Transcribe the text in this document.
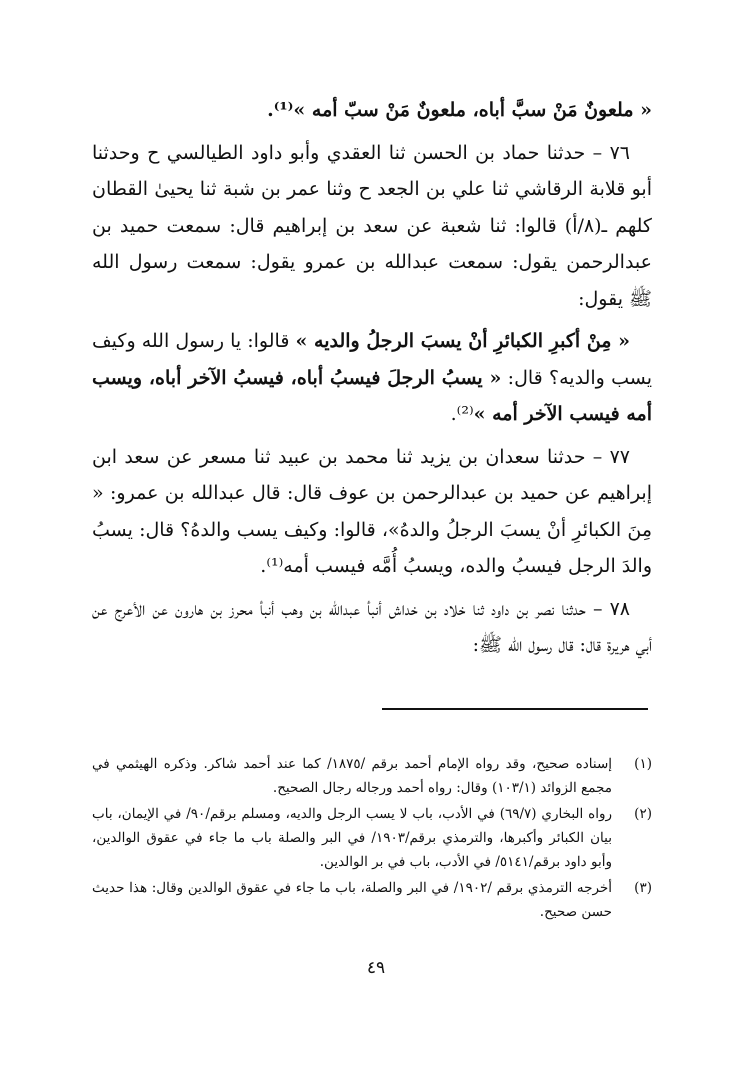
« ملعونٌ مَنْ سبَّ أباه، ملعونٌ مَنْ سبّ أمه »⁽¹⁾.

٧٦ – حدثنا حماد بن الحسن ثنا العقدي وأبو داود الطيالسي ح وحدثنا أبو قلابة الرقاشي ثنا علي بن الجعد ح وثنا عمر بن شبة ثنا يحيىٰ القطان كلهم ـ(٨/أ) قالوا: ثنا شعبة عن سعد بن إبراهيم قال: سمعت حميد بن عبدالرحمن يقول: سمعت عبدالله بن عمرو يقول: سمعت رسول الله ﷺ يقول:

« مِنْ أكبرِ الكبائرِ أنْ يسبَ الرجلُ والديه » قالوا: يا رسول الله وكيف يسب والديه؟ قال: « يسبُ الرجلَ فيسبُ أباه، فيسبُ الآخر أباه، ويسب أمه فيسب الآخر أمه »⁽²⁾.

٧٧ – حدثنا سعدان بن يزيد ثنا محمد بن عبيد ثنا مسعر عن سعد ابن إبراهيم عن حميد بن عبدالرحمن بن عوف قال: قال عبدالله بن عمرو: « مِنَ الكبائرِ أنْ يسبَ الرجلُ والدهُ»، قالوا: وكيف يسب والدهُ؟ قال: يسبُ والدَ الرجل فيسبُ والده، ويسبُ أُمَّه فيسب أمه⁽¹⁾.

٧٨ – حدثنا نصر بن داود ثنا خلاد بن خداش أنبأ عبدالله بن وهب أنبأ محرز بن هارون عن الأعرج عن أبي هريرة قال: قال رسول الله ﷺ:

(١)
إسناده صحيح، وقد رواه الإمام أحمد برقم /١٨٧٥/ كما عند أحمد شاكر. وذكره الهيثمي في مجمع الزوائد (١٠٣/١) وقال: رواه أحمد ورجاله رجال الصحيح.
(٢)
رواه البخاري (٦٩/٧) في الأدب، باب لا يسب الرجل والديه، ومسلم برقم/٩٠/ في الإيمان، باب بيان الكبائر وأكبرها، والترمذي برقم/١٩٠٣/ في البر والصلة باب ما جاء في عقوق الوالدين، وأبو داود برقم/٥١٤١/ في الأدب، باب في بر الوالدين.
(٣)
أخرجه الترمذي برقم /١٩٠٢/ في البر والصلة، باب ما جاء في عقوق الوالدين وقال: هذا حديث حسن صحيح.
٤٩
